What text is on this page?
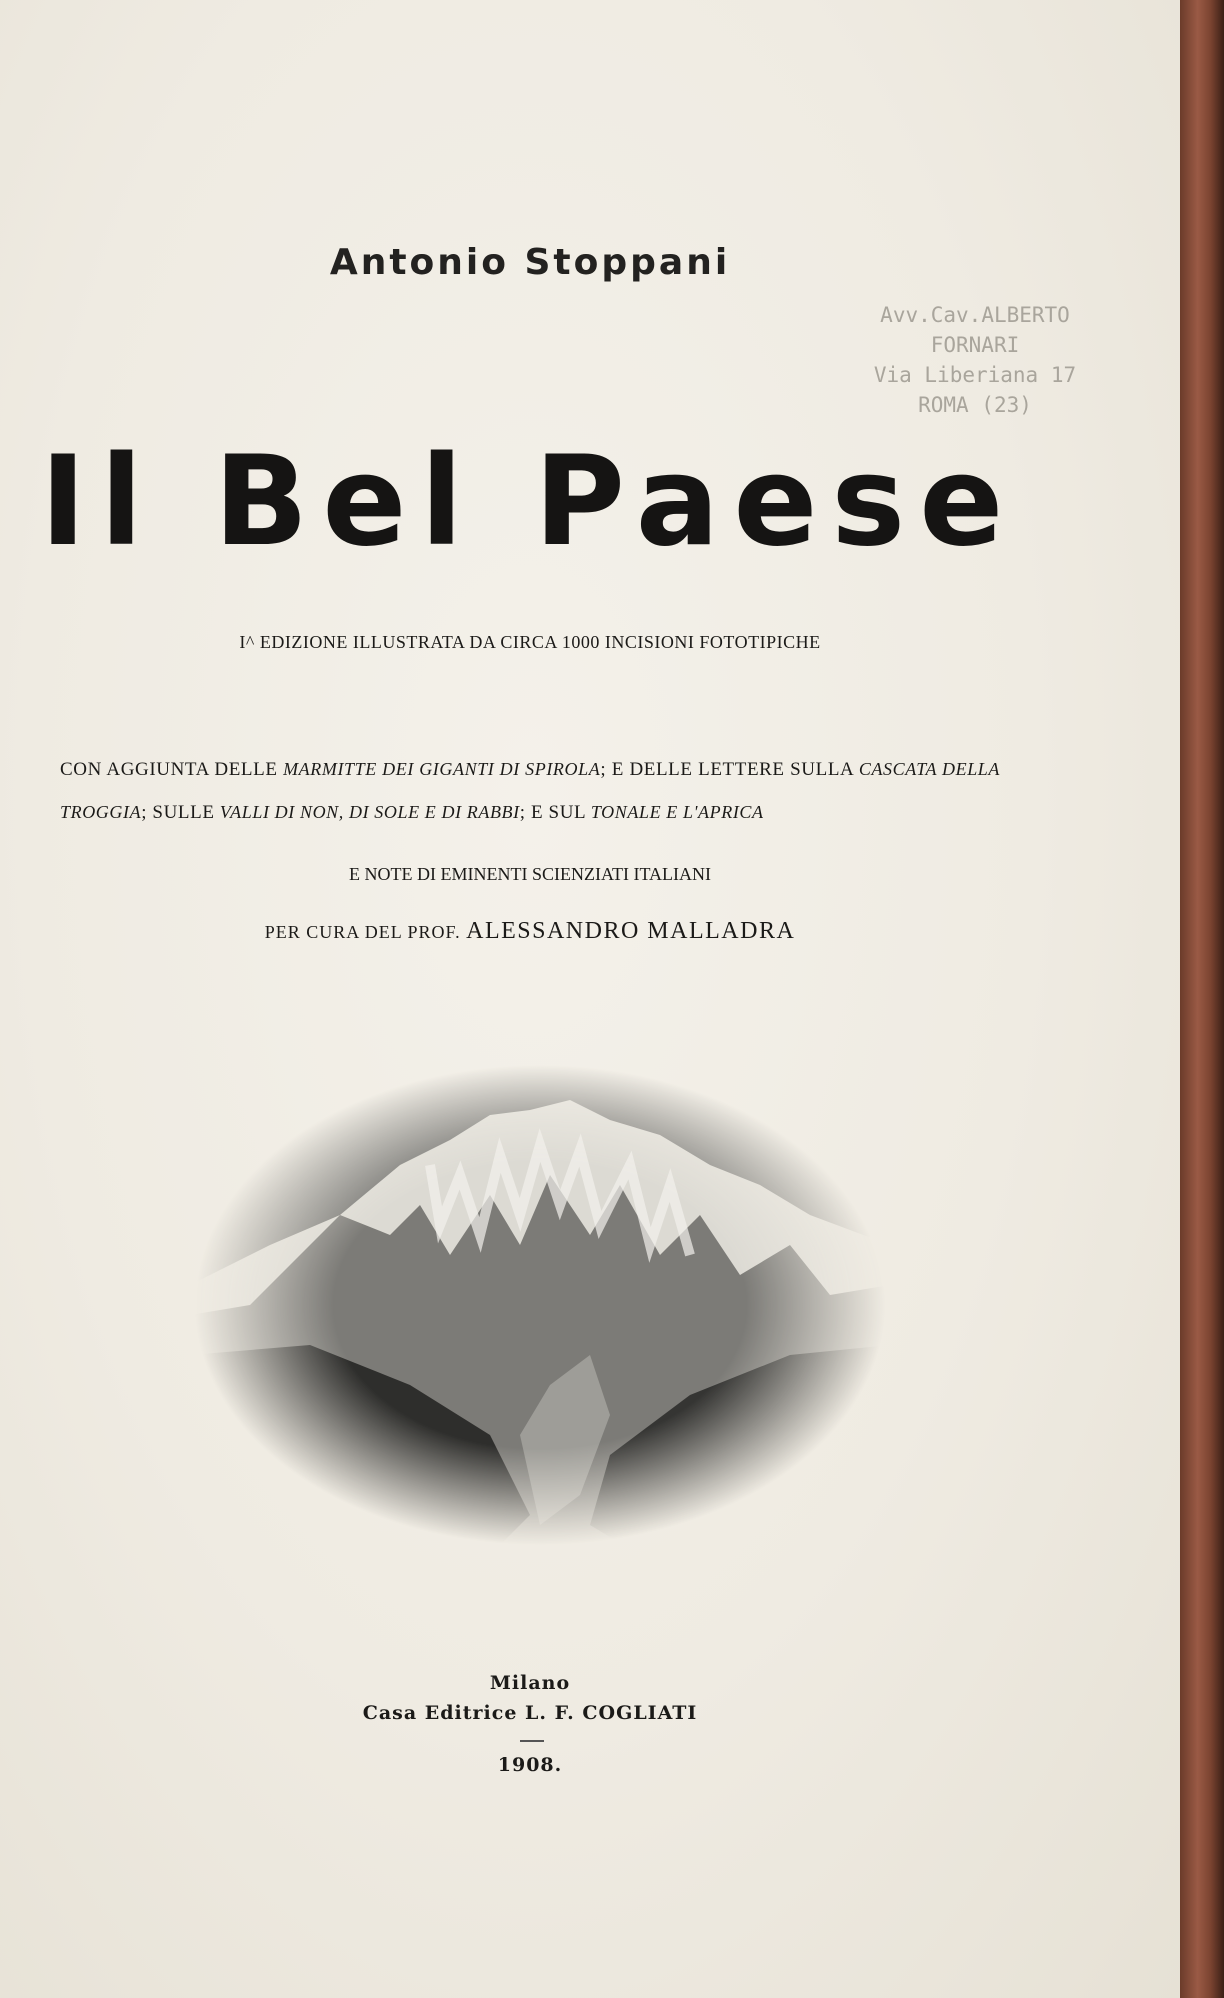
Antonio Stoppani
Avv.Cav.ALBERTO FORNARI
Via Liberiana 17
ROMA (23)
Il Bel Paese
I^ EDIZIONE ILLUSTRATA DA CIRCA 1000 INCISIONI FOTOTIPICHE
CON AGGIUNTA DELLE MARMITTE DEI GIGANTI DI SPIROLA; E DELLE LETTERE SULLA CASCATA DELLA TROGGIA; SULLE VALLI DI NON, DI SOLE E DI RABBI; E SUL TONALE E L'APRICA
E NOTE DI EMINENTI SCIENZIATI ITALIANI
PER CURA DEL PROF. ALESSANDRO MALLADRA
Milano
Casa Editrice L. F. COGLIATI
1908.
